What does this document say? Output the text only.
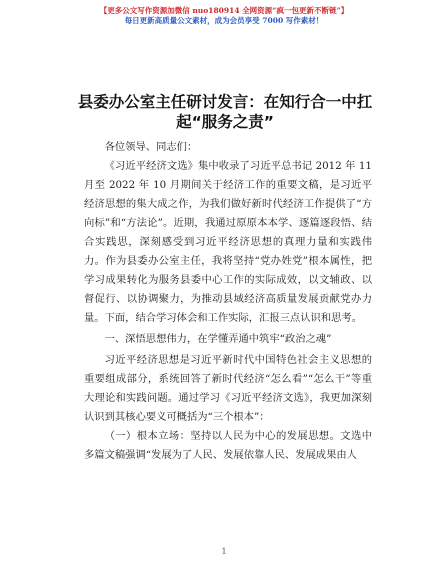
【更多公文写作资源加微信 nuo180914 全网资源“疯一包更新不断链”】
每日更新高质量公文素材，成为会员享受 7000 写作素材！
县委办公室主任研讨发言：在知行合一中扛
起“服务之责”

各位领导、同志们：

《习近平经济文选》集中收录了习近平总书记 2012 年 11 月至 2022 年 10 月期间关于经济工作的重要文稿，是习近平经济思想的集大成之作，为我们做好新时代经济工作提供了“方向标”和“方法论”。近期，我通过原原本本学、逐篇逐段悟、结合实践思，深刻感受到习近平经济思想的真理力量和实践伟力。作为县委办公室主任，我将坚持“党办姓党”根本属性，把学习成果转化为服务县委中心工作的实际成效，以文辅政、以督促行、以协调聚力，为推动县域经济高质量发展贡献党办力量。下面，结合学习体会和工作实际，汇报三点认识和思考。

一、深悟思想伟力，在学懂弄通中筑牢“政治之魂”

习近平经济思想是习近平新时代中国特色社会主义思想的重要组成部分，系统回答了新时代经济“怎么看”“怎么干”等重大理论和实践问题。通过学习《习近平经济文选》，我更加深刻认识到其核心要义可概括为“三个根本”：

（一）根本立场：坚持以人民为中心的发展思想。文选中多篇文稿强调“发展为了人民、发展依靠人民、发展成果由人

1
